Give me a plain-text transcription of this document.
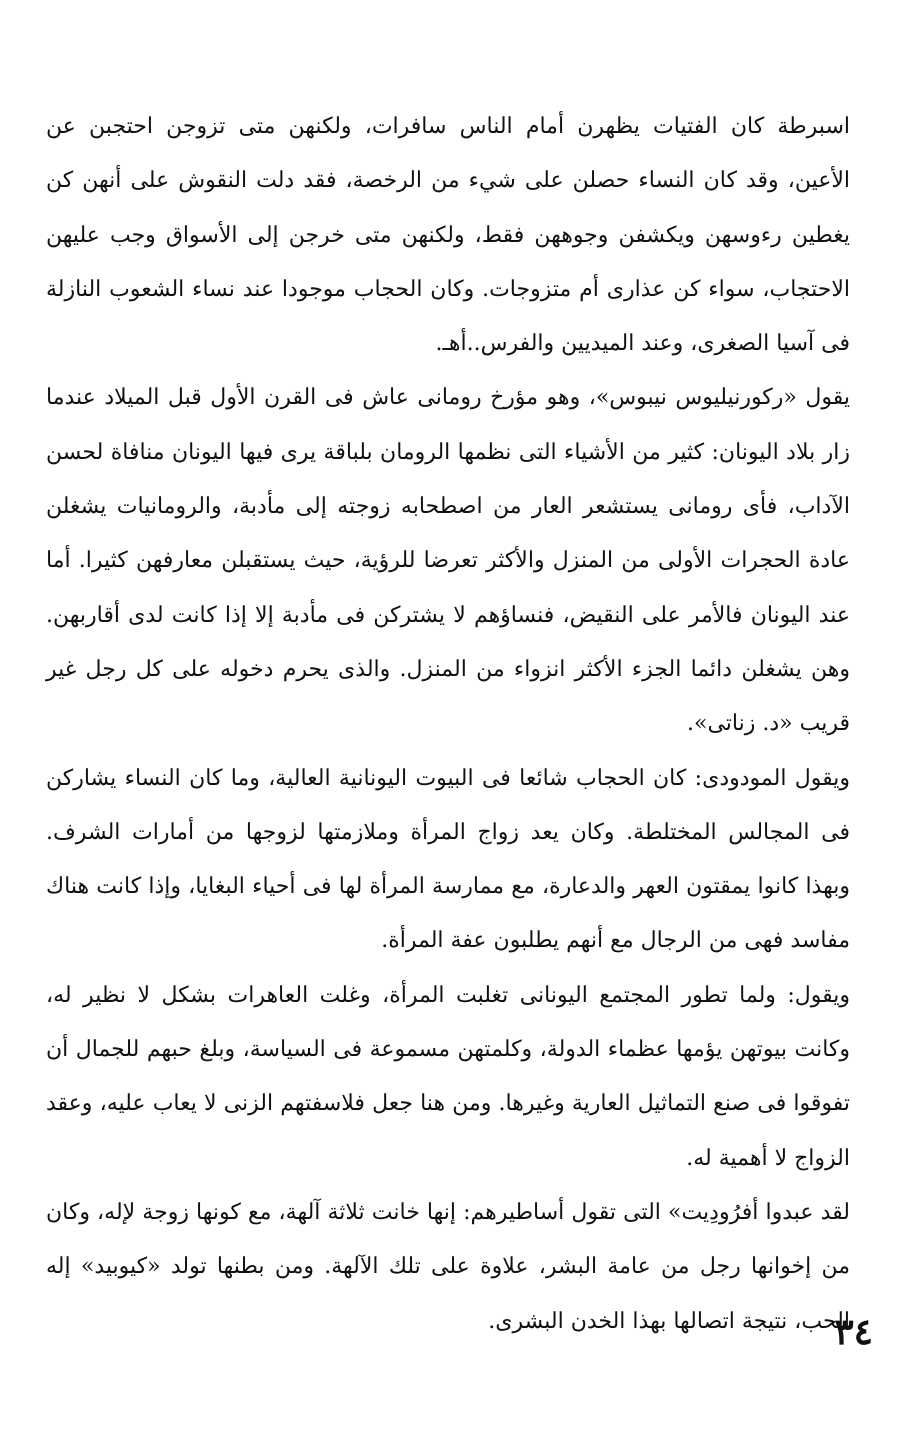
اسبرطة كان الفتيات يظهرن أمام الناس سافرات، ولكنهن متى تزوجن احتجبن عن الأعين، وقد كان النساء حصلن على شيء من الرخصة، فقد دلت النقوش على أنهن كن يغطين رءوسهن ويكشفن وجوههن فقط، ولكنهن متى خرجن إلى الأسواق وجب عليهن الاحتجاب، سواء كن عذارى أم متزوجات. وكان الحجاب موجودا عند نساء الشعوب النازلة فى آسيا الصغرى، وعند الميديين والفرس..أهـ.

يقول «ركورنيليوس نيبوس»، وهو مؤرخ رومانى عاش فى القرن الأول قبل الميلاد عندما زار بلاد اليونان: كثير من الأشياء التى نظمها الرومان بلباقة يرى فيها اليونان منافاة لحسن الآداب، فأى رومانى يستشعر العار من اصطحابه زوجته إلى مأدبة، والرومانيات يشغلن عادة الحجرات الأولى من المنزل والأكثر تعرضا للرؤية، حيث يستقبلن معارفهن كثيرا. أما عند اليونان فالأمر على النقيض، فنساؤهم لا يشتركن فى مأدبة إلا إذا كانت لدى أقاربهن. وهن يشغلن دائما الجزء الأكثر انزواء من المنزل. والذى يحرم دخوله على كل رجل غير قريب «د. زناتى».

ويقول المودودى: كان الحجاب شائعا فى البيوت اليونانية العالية، وما كان النساء يشاركن فى المجالس المختلطة. وكان يعد زواج المرأة وملازمتها لزوجها من أمارات الشرف. وبهذا كانوا يمقتون العهر والدعارة، مع ممارسة المرأة لها فى أحياء البغايا، وإذا كانت هناك مفاسد فهى من الرجال مع أنهم يطلبون عفة المرأة.

ويقول: ولما تطور المجتمع اليونانى تغلبت المرأة، وغلت العاهرات بشكل لا نظير له، وكانت بيوتهن يؤمها عظماء الدولة، وكلمتهن مسموعة فى السياسة، وبلغ حبهم للجمال أن تفوقوا فى صنع التماثيل العارية وغيرها. ومن هنا جعل فلاسفتهم الزنى لا يعاب عليه، وعقد الزواج لا أهمية له.

لقد عبدوا أفرُودِيت» التى تقول أساطيرهم: إنها خانت ثلاثة آلهة، مع كونها زوجة لإله، وكان من إخوانها رجل من عامة البشر، علاوة على تلك الآلهة. ومن بطنها تولد «كيوبيد» إله الحب، نتيجة اتصالها بهذا الخدن البشرى.

٣٤
